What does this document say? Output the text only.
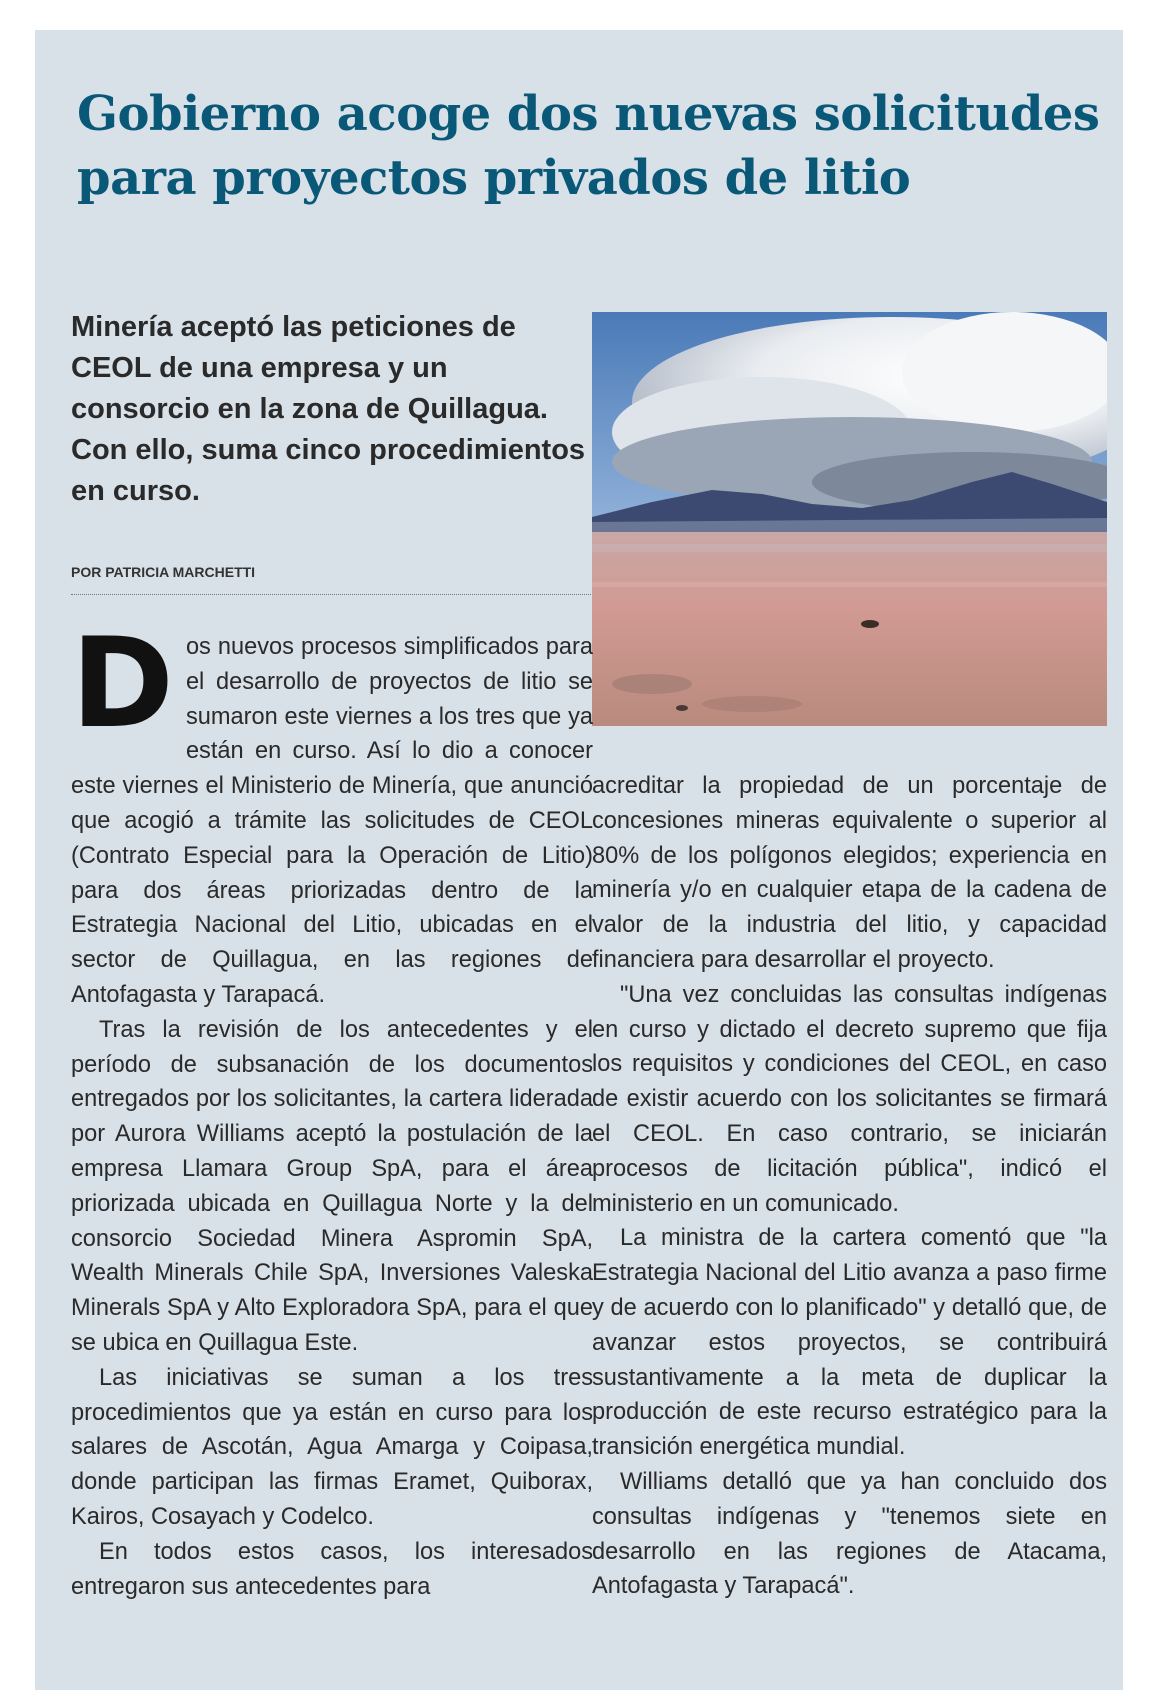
Gobierno acoge dos nuevas solicitudes para proyectos privados de litio

Minería aceptó las peticiones de CEOL de una empresa y un consorcio en la zona de Quillagua. Con ello, suma cinco procedimientos en curso.

POR PATRICIA MARCHETTI

Dos nuevos procesos simplificados para el desarrollo de proyectos de litio se sumaron este viernes a los tres que ya están en curso. Así lo dio a conocer este viernes el Ministerio de Minería, que anunció que acogió a trámite las solicitudes de CEOL (Contrato Especial para la Operación de Litio) para dos áreas priorizadas dentro de la Estrategia Nacional del Litio, ubicadas en el sector de Quillagua, en las regiones de Antofagasta y Tarapacá.

Tras la revisión de los antecedentes y el período de subsanación de los documentos entregados por los solicitantes, la cartera liderada por Aurora Williams aceptó la postulación de la empresa Llamara Group SpA, para el área priorizada ubicada en Quillagua Norte y la del consorcio Sociedad Minera Aspromin SpA, Wealth Minerals Chile SpA, Inversiones Valeska Minerals SpA y Alto Exploradora SpA, para el que se ubica en Quillagua Este.

Las iniciativas se suman a los tres procedimientos que ya están en curso para los salares de Ascotán, Agua Amarga y Coipasa, donde participan las firmas Eramet, Quiborax, Kairos, Cosayach y Codelco.

En todos estos casos, los interesados entregaron sus antecedentes para

acreditar la propiedad de un porcentaje de concesiones mineras equivalente o superior al 80% de los polígonos elegidos; experiencia en minería y/o en cualquier etapa de la cadena de valor de la industria del litio, y capacidad financiera para desarrollar el proyecto.

"Una vez concluidas las consultas indígenas en curso y dictado el decreto supremo que fija los requisitos y condiciones del CEOL, en caso de existir acuerdo con los solicitantes se firmará el CEOL. En caso contrario, se iniciarán procesos de licitación pública", indicó el ministerio en un comunicado.

La ministra de la cartera comentó que "la Estrategia Nacional del Litio avanza a paso firme y de acuerdo con lo planificado" y detalló que, de avanzar estos proyectos, se contribuirá sustantivamente a la meta de duplicar la producción de este recurso estratégico para la transición energética mundial.

Williams detalló que ya han concluido dos consultas indígenas y "tenemos siete en desarrollo en las regiones de Atacama, Antofagasta y Tarapacá".
